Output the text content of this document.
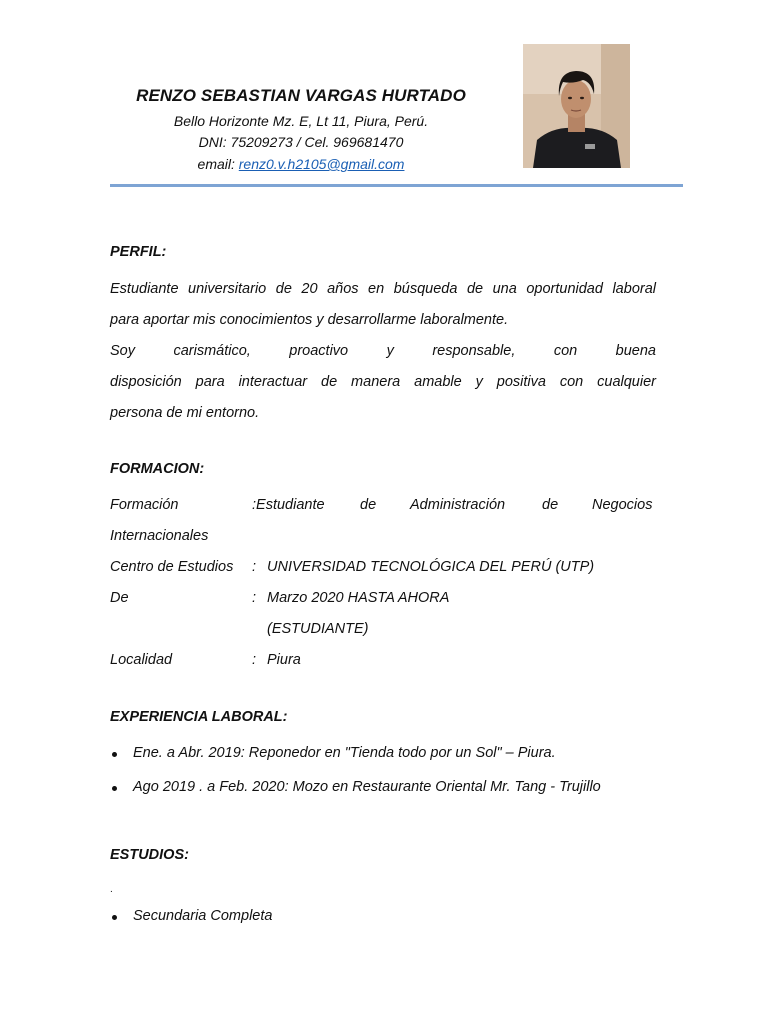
RENZO SEBASTIAN VARGAS HURTADO
Bello Horizonte Mz. E, Lt 11, Piura, Perú.
DNI: 75209273 / Cel. 969681470
email: renz0.v.h2105@gmail.com
PERFIL:
Estudiante universitario de 20 años en búsqueda de una oportunidad laboral
para aportar mis conocimientos y desarrollarme laboralmente.
Soy carismático, proactivo y responsable, con buena
disposición para interactuar de manera amable y positiva con cualquier
persona de mi entorno.
FORMACION:
Formación	:Estudiante de Administración	de Negocios
Internacionales
Centro de Estudios : UNIVERSIDAD TECNOLÓGICA DEL PERÚ (UTP)
De	: Marzo 2020 HASTA AHORA
(ESTUDIANTE)
Localidad	: Piura
EXPERIENCIA LABORAL:
Ene. a Abr. 2019: Reponedor en "Tienda todo por un Sol" – Piura.
Ago 2019 . a Feb. 2020: Mozo en Restaurante Oriental Mr. Tang - Trujillo
ESTUDIOS:
.
Secundaria Completa
